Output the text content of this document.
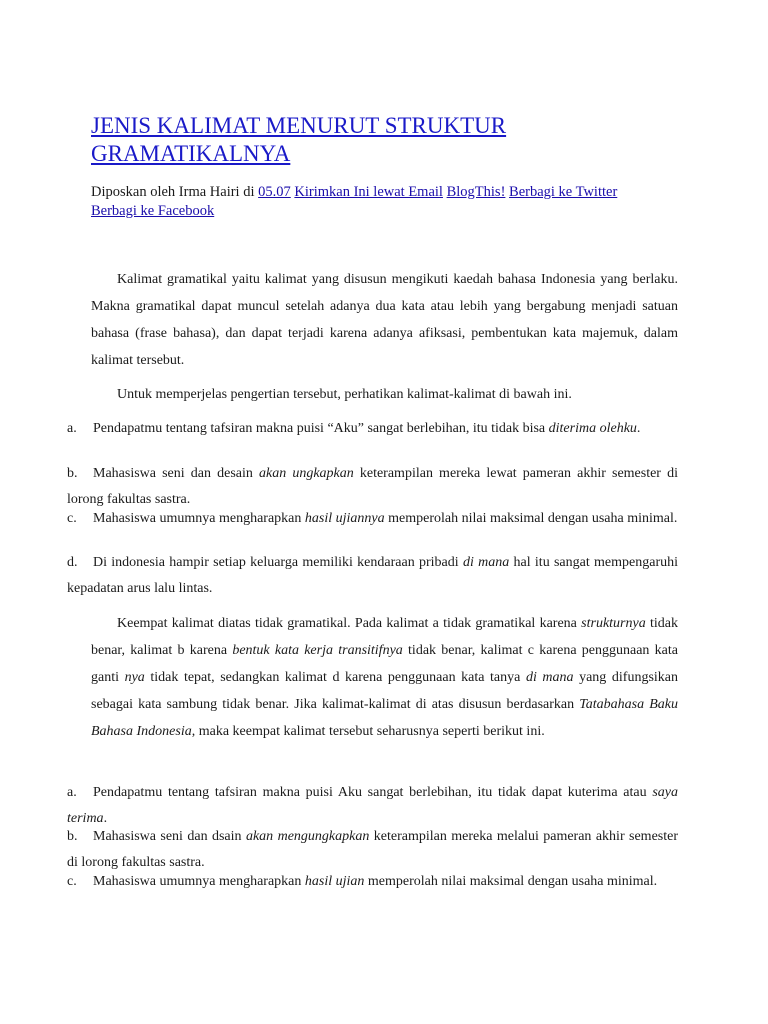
JENIS KALIMAT MENURUT STRUKTUR GRAMATIKALNYA
Diposkan oleh Irma Hairi di 05.07 Kirimkan Ini lewat Email BlogThis! Berbagi ke Twitter
Berbagi ke Facebook

Kalimat gramatikal yaitu kalimat yang disusun mengikuti kaedah bahasa Indonesia yang berlaku. Makna gramatikal dapat muncul setelah adanya dua kata atau lebih yang bergabung menjadi satuan bahasa (frase bahasa), dan dapat terjadi karena adanya afiksasi, pembentukan kata majemuk, dalam kalimat tersebut.

Untuk memperjelas pengertian tersebut, perhatikan kalimat-kalimat di bawah ini.

a. Pendapatmu tentang tafsiran makna puisi “Aku” sangat berlebihan, itu tidak bisa diterima olehku.
b. Mahasiswa seni dan desain akan ungkapkan keterampilan mereka lewat pameran akhir semester di lorong fakultas sastra.
c. Mahasiswa umumnya mengharapkan hasil ujiannya memperolah nilai maksimal dengan usaha minimal.
d. Di indonesia hampir setiap keluarga memiliki kendaraan pribadi di mana hal itu sangat mempengaruhi kepadatan arus lalu lintas.

Keempat kalimat diatas tidak gramatikal. Pada kalimat a tidak gramatikal karena strukturnya tidak benar, kalimat b karena bentuk kata kerja transitifnya tidak benar, kalimat c karena penggunaan kata ganti nya tidak tepat, sedangkan kalimat d karena penggunaan kata tanya di mana yang difungsikan sebagai kata sambung tidak benar. Jika kalimat-kalimat di atas disusun berdasarkan Tatabahasa Baku Bahasa Indonesia, maka keempat kalimat tersebut seharusnya seperti berikut ini.

a. Pendapatmu tentang tafsiran makna puisi Aku sangat berlebihan, itu tidak dapat kuterima atau saya terima.
b. Mahasiswa seni dan dsain akan mengungkapkan keterampilan mereka melalui pameran akhir semester di lorong fakultas sastra.
c. Mahasiswa umumnya mengharapkan hasil ujian memperolah nilai maksimal dengan usaha minimal.
